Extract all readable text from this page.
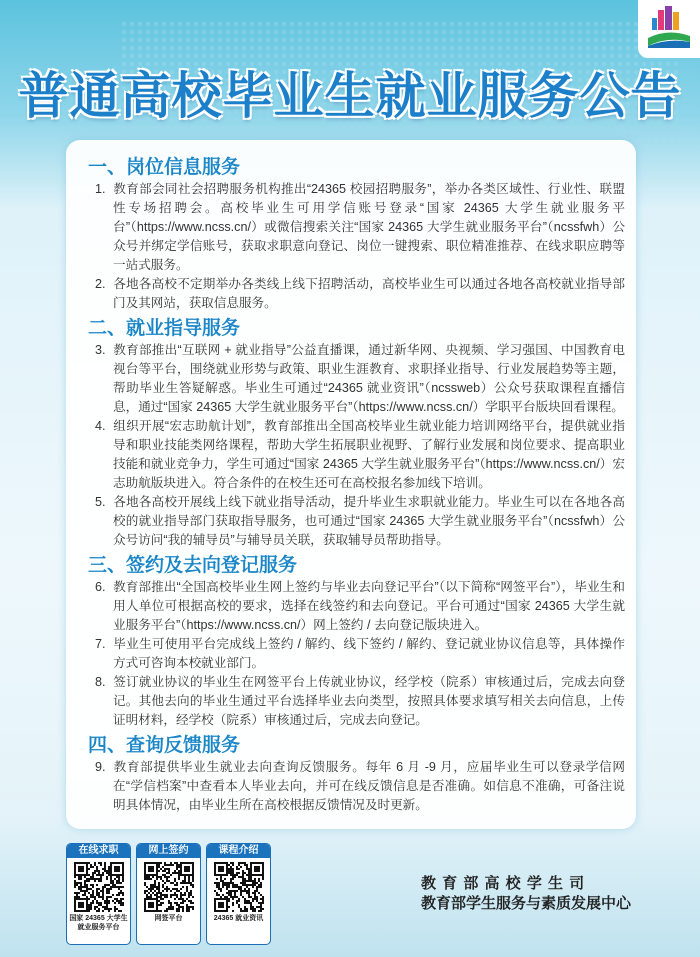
普通高校毕业生就业服务公告
一、岗位信息服务
1. 教育部会同社会招聘服务机构推出“24365 校园招聘服务”，举办各类区域性、行业性、联盟性专场招聘会。高校毕业生可用学信账号登录“国家 24365 大学生就业服务平台”（https://www.ncss.cn/）或微信搜索关注“国家 24365 大学生就业服务平台”（ncssfwh）公众号并绑定学信账号，获取求职意向登记、岗位一键搜索、职位精准推荐、在线求职应聘等一站式服务。
2. 各地各高校不定期举办各类线上线下招聘活动，高校毕业生可以通过各地各高校就业指导部门及其网站，获取信息服务。
二、就业指导服务
3. 教育部推出“互联网 + 就业指导”公益直播课，通过新华网、央视频、学习强国、中国教育电视台等平台，围绕就业形势与政策、职业生涯教育、求职择业指导、行业发展趋势等主题，帮助毕业生答疑解惑。毕业生可通过“24365 就业资讯”（ncssweb）公众号获取课程直播信息，通过“国家 24365 大学生就业服务平台”（https://www.ncss.cn/）学职平台版块回看课程。
4. 组织开展“宏志助航计划”，教育部推出全国高校毕业生就业能力培训网络平台，提供就业指导和职业技能类网络课程，帮助大学生拓展职业视野、了解行业发展和岗位要求、提高职业技能和就业竞争力，学生可通过“国家 24365 大学生就业服务平台”（https://www.ncss.cn/）宏志助航版块进入。符合条件的在校生还可在高校报名参加线下培训。
5. 各地各高校开展线上线下就业指导活动，提升毕业生求职就业能力。毕业生可以在各地各高校的就业指导部门获取指导服务，也可通过“国家 24365 大学生就业服务平台”（ncssfwh）公众号访问“我的辅导员”与辅导员关联，获取辅导员帮助指导。
三、签约及去向登记服务
6. 教育部推出“全国高校毕业生网上签约与毕业去向登记平台”（以下简称“网签平台”），毕业生和用人单位可根据高校的要求，选择在线签约和去向登记。平台可通过“国家 24365 大学生就业服务平台”（https://www.ncss.cn/）网上签约 / 去向登记版块进入。
7. 毕业生可使用平台完成线上签约 / 解约、线下签约 / 解约、登记就业协议信息等，具体操作方式可咨询本校就业部门。
8. 签订就业协议的毕业生在网签平台上传就业协议，经学校（院系）审核通过后，完成去向登记。其他去向的毕业生通过平台选择毕业去向类型，按照具体要求填写相关去向信息，上传证明材料，经学校（院系）审核通过后，完成去向登记。
四、查询反馈服务
9. 教育部提供毕业生就业去向查询反馈服务。每年 6 月 -9 月，应届毕业生可以登录学信网在“学信档案”中查看本人毕业去向，并可在线反馈信息是否准确。如信息不准确，可备注说明具体情况，由毕业生所在高校根据反馈情况及时更新。
在线求职
国家 24365 大学生就业服务平台
网上签约
网签平台
课程介绍
24365 就业资讯
教 育 部 高 校 学 生 司
教育部学生服务与素质发展中心
